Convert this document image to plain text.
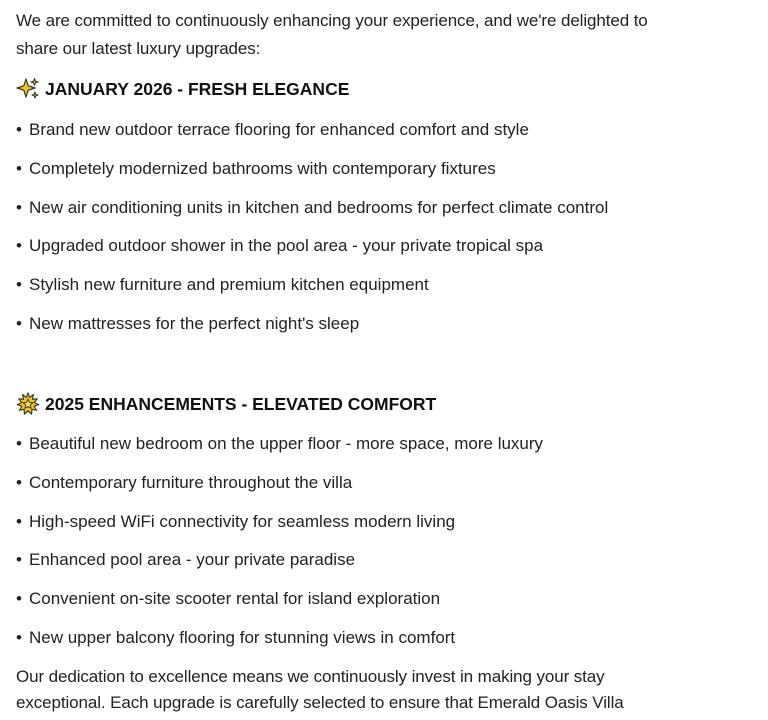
We are committed to continuously enhancing your experience, and we're delighted to
share our latest luxury upgrades:
JANUARY 2026 - FRESH ELEGANCE
• Brand new outdoor terrace flooring for enhanced comfort and style
• Completely modernized bathrooms with contemporary fixtures
• New air conditioning units in kitchen and bedrooms for perfect climate control
• Upgraded outdoor shower in the pool area - your private tropical spa
• Stylish new furniture and premium kitchen equipment
• New mattresses for the perfect night's sleep
2025 ENHANCEMENTS - ELEVATED COMFORT
• Beautiful new bedroom on the upper floor - more space, more luxury
• Contemporary furniture throughout the villa
• High-speed WiFi connectivity for seamless modern living
• Enhanced pool area - your private paradise
• Convenient on-site scooter rental for island exploration
• New upper balcony flooring for stunning views in comfort
Our dedication to excellence means we continuously invest in making your stay
exceptional. Each upgrade is carefully selected to ensure that Emerald Oasis Villa
